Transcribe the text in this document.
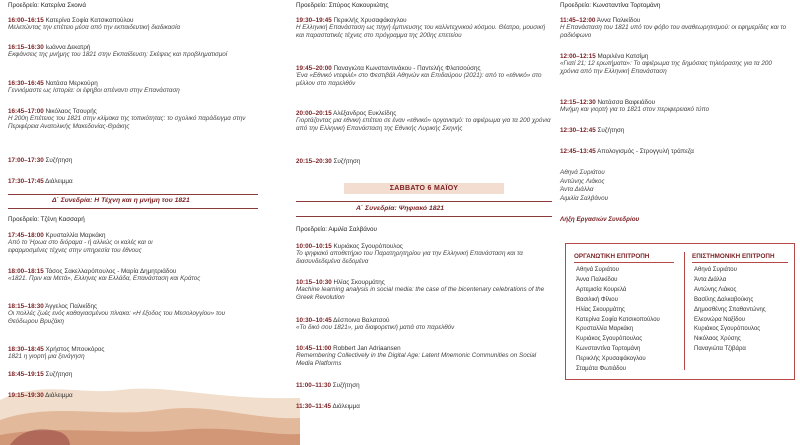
Προεδρείο: Κατερίνα Σκοινά
16:00–16:15 Κατερίνα Σοφία Κατσικοπούλου
Μελετώντας την επέτειο μέσα από την εκπαιδευτική διαδικασία
16:15–16:30 Ιωάννα Δεκατρή
Εκφάνσεις της μνήμης του 1821 στην Εκπαίδευση: Σκέψεις και προβληματισμοί
16:30–16:45 Νατάσα Μερκούρη
Γεννιόμαστε ως Ιστορία: οι έφηβοι απέναντι στην Επανάσταση
16:45–17:00 Νικόλαος Τσουρής
Η 200η Επέτειος του 1821 στην κλίμακα της τοπικότητας: το σχολικό παράδειγμα στην Περιφέρεια Ανατολικής Μακεδονίας-Θράκης
17:00–17:30 Συζήτηση
17:30–17:45 Διάλειμμα
Δ΄ Συνεδρία: Η Τέχνη και η μνήμη του 1821
Προεδρείο: Τζένη Κασσαρή
17:45–18:00 Κρυσταλλία Μαρκάκη
Από το Ήρωα στο διόραμα - ή αλλιώς οι καλές και οι εφαρμοσμένες τέχνες στην υπηρεσία του έθνους
18:00–18:15 Τάσος Σακελλαρόπουλος - Μαρία Δημητριάδου
«1821. Πριν και Μετά», Ελληνες και Ελλάδα, Επανάσταση και Κράτος
18:15–18:30 Άγγελος Παλικίδης
Οι πολλές ζωές ενός καθαγιασμένου πίνακα: «Η έξοδος του Μεσολογγίου» του Θεόδωρου Βρυζάκη
18:30–18:45 Χρήστος Μπουκόρος
1821 η γιορτή μια ξενάγηση
18:45–19:15 Συζήτηση
19:15–19:30 Διάλειμμα
Προεδρείο: Σπύρος Κακουριώτης
19:30–19:45 Περικλής Χρυσαφάκογλου
Η Ελληνική Επανάσταση ως πηγή έμπνευσης του καλλιτεχνικού κόσμου. Θέατρο, μουσική και παραστατικές τέχνες στο πρόγραμμα της 200ης επετείου
19:45–20:00 Παναγιώτα Κωνσταντινάκου - Παντελής Φλατσούσης
Ένα «Εθνικό ντεφιλέ» στο Φεστιβάλ Αθηνών και Επιδαύρου (2021): από το «εθνικό» στο μέλλον στο παρελθόν
20:00–20:15 Αλέξανδρος Ευκλείδης
Γιορτάζοντας μια εθνική επέτειο σε έναν «εθνικό» οργανισμό: το αφιέρωμα για τα 200 χρόνια από την Ελληνική Επανάσταση της Εθνικής Λυρικής Σκηνής
20:15–20:30 Συζήτηση
ΣΑΒΒΑΤΟ 6 ΜΑΪΟΥ
Α΄ Συνεδρία: Ψηφιακό 1821
Προεδρείο: Αιμιλία Σαλβάνου
10:00–10:15 Κυριάκος Σγουρόπουλος
Το ψηφιακό αποθετήριο του Παρατηρητηρίου για την Ελληνική Επανάσταση και τα διασυνδεδεμένα δεδομένα
10:15–10:30 Ηλίας Σκουρμάτης
Machine learning analysis in social media: the case of the bicentenary celebrations of the Greek Revolution
10:30–10:45 Δέσποινα Βαλατσού
«Το δικό σου 1821», μια διαφορετική ματιά στο παρελθόν
10:45–11:00 Robbert Jan Adriaansen
Remembering Collectively in the Digital Age: Latent Mnemonic Communities on Social Media Platforms
11:00–11:30 Συζήτηση
11:30–11:45 Διάλειμμα
Προεδρείο: Κωνσταντίνα Τορτομάνη
11:45–12:00 Άννα Παλικίδου
Η Επανάσταση του 1821 υπό τον φόβο του αναθεωρητισμού: οι εφημερίδες και το ραδιόφωνο
12:00–12:15 Μαριλένα Κατσίμη
«Γιατί 21; 12 ερωτήματα»: Το αφιέρωμα της δημόσιας τηλεόρασης για τα 200 χρόνια από την Ελληνική Επανάσταση
12:15–12:30 Νατάσσα Βαφειάδου
Μνήμη και γιορτή για το 1821 στον περιφερειακό τύπο
12:30–12:45 Συζήτηση
12:45–13:45 Απολογισμός - Στρογγυλή τράπεζα
Αθηνά Συριάτου
Αντώνης Λιάκος
Άντα Διάλλα
Αιμιλία Σαλβάνου
Λήξη Εργασιών Συνεδρίου
ΟΡΓΑΝΩΤΙΚΗ ΕΠΙΤΡΟΠΗ	ΕΠΙΣΤΗΜΟΝΙΚΗ ΕΠΙΤΡΟΠΗ
Αθηνά Συριάτου
Άννα Παλικίδου
Αρτεμισία Κουρελά
Βασιλική Φίλιου
Ηλίας Σκουρμάτης
Κατερίνα Σοφία Κατσικοπούλου
Κρυσταλλία Μαρκάκη
Κυριάκος Σγουρόπουλος
Κωνσταντίνα Τορτομάνη
Περικλής Χρυσαφάκογλου
Σταμάτα Φωτιάδου
Αθηνά Συριάτου
Άντα Διάλλα
Αντώνης Λιάκος
Βασίλης Δαλκαβούκης
Δημοσθένης Σπαθαντώνης
Ελεονώρα Ναξίδου
Κυριάκος Σγουρόπουλος
Νικόλαος Χρύσης
Παναγιώτα Τζιβάρα
